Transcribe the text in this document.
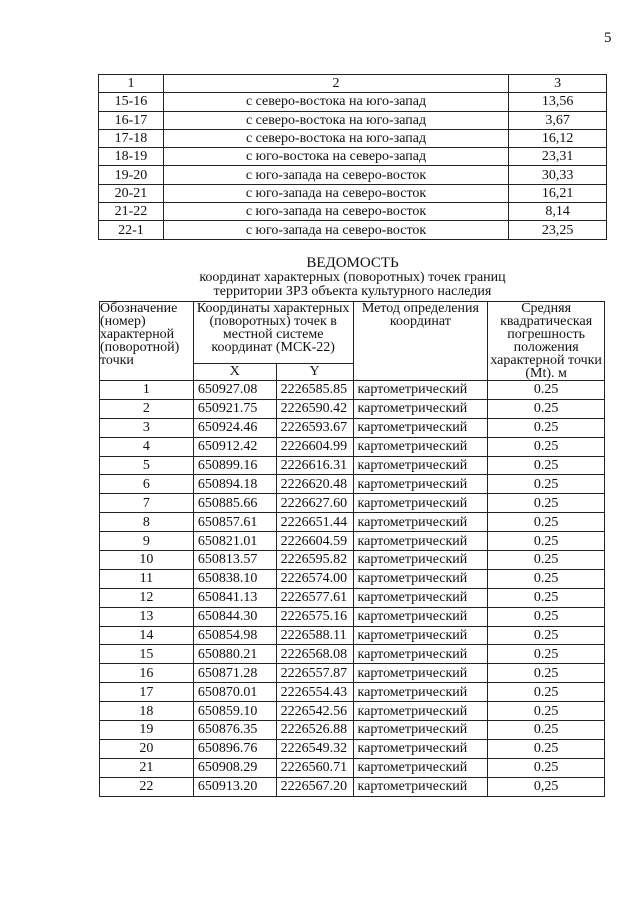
5
1	2	3
15-16	с северо-востока на юго-запад	13,56
16-17	с северо-востока на юго-запад	3,67
17-18	с северо-востока на юго-запад	16,12
18-19	с юго-востока на северо-запад	23,31
19-20	с юго-запада на северо-восток	30,33
20-21	с юго-запада на северо-восток	16,21
21-22	с юго-запада на северо-восток	8,14
22-1	с юго-запада на северо-восток	23,25
ВЕДОМОСТЬ
координат характерных (поворотных) точек границ
территории ЗРЗ объекта культурного наследия
Обозначение (номер) характерной (поворотной) точки	Координаты характерных (поворотных) точек в местной системе координат (МСК-22)		Метод определения координат	Средняя квадратическая погрешность положения характерной точки (Mt). м
	X	Y		
1	650927.08	2226585.85	картометрический	0.25
2	650921.75	2226590.42	картометрический	0.25
3	650924.46	2226593.67	картометрический	0.25
4	650912.42	2226604.99	картометрический	0.25
5	650899.16	2226616.31	картометрический	0.25
6	650894.18	2226620.48	картометрический	0.25
7	650885.66	2226627.60	картометрический	0.25
8	650857.61	2226651.44	картометрический	0.25
9	650821.01	2226604.59	картометрический	0.25
10	650813.57	2226595.82	картометрический	0.25
11	650838.10	2226574.00	картометрический	0.25
12	650841.13	2226577.61	картометрический	0.25
13	650844.30	2226575.16	картометрический	0.25
14	650854.98	2226588.11	картометрический	0.25
15	650880.21	2226568.08	картометрический	0.25
16	650871.28	2226557.87	картометрический	0.25
17	650870.01	2226554.43	картометрический	0.25
18	650859.10	2226542.56	картометрический	0.25
19	650876.35	2226526.88	картометрический	0.25
20	650896.76	2226549.32	картометрический	0.25
21	650908.29	2226560.71	картометрический	0.25
22	650913.20	2226567.20	картометрический	0,25
